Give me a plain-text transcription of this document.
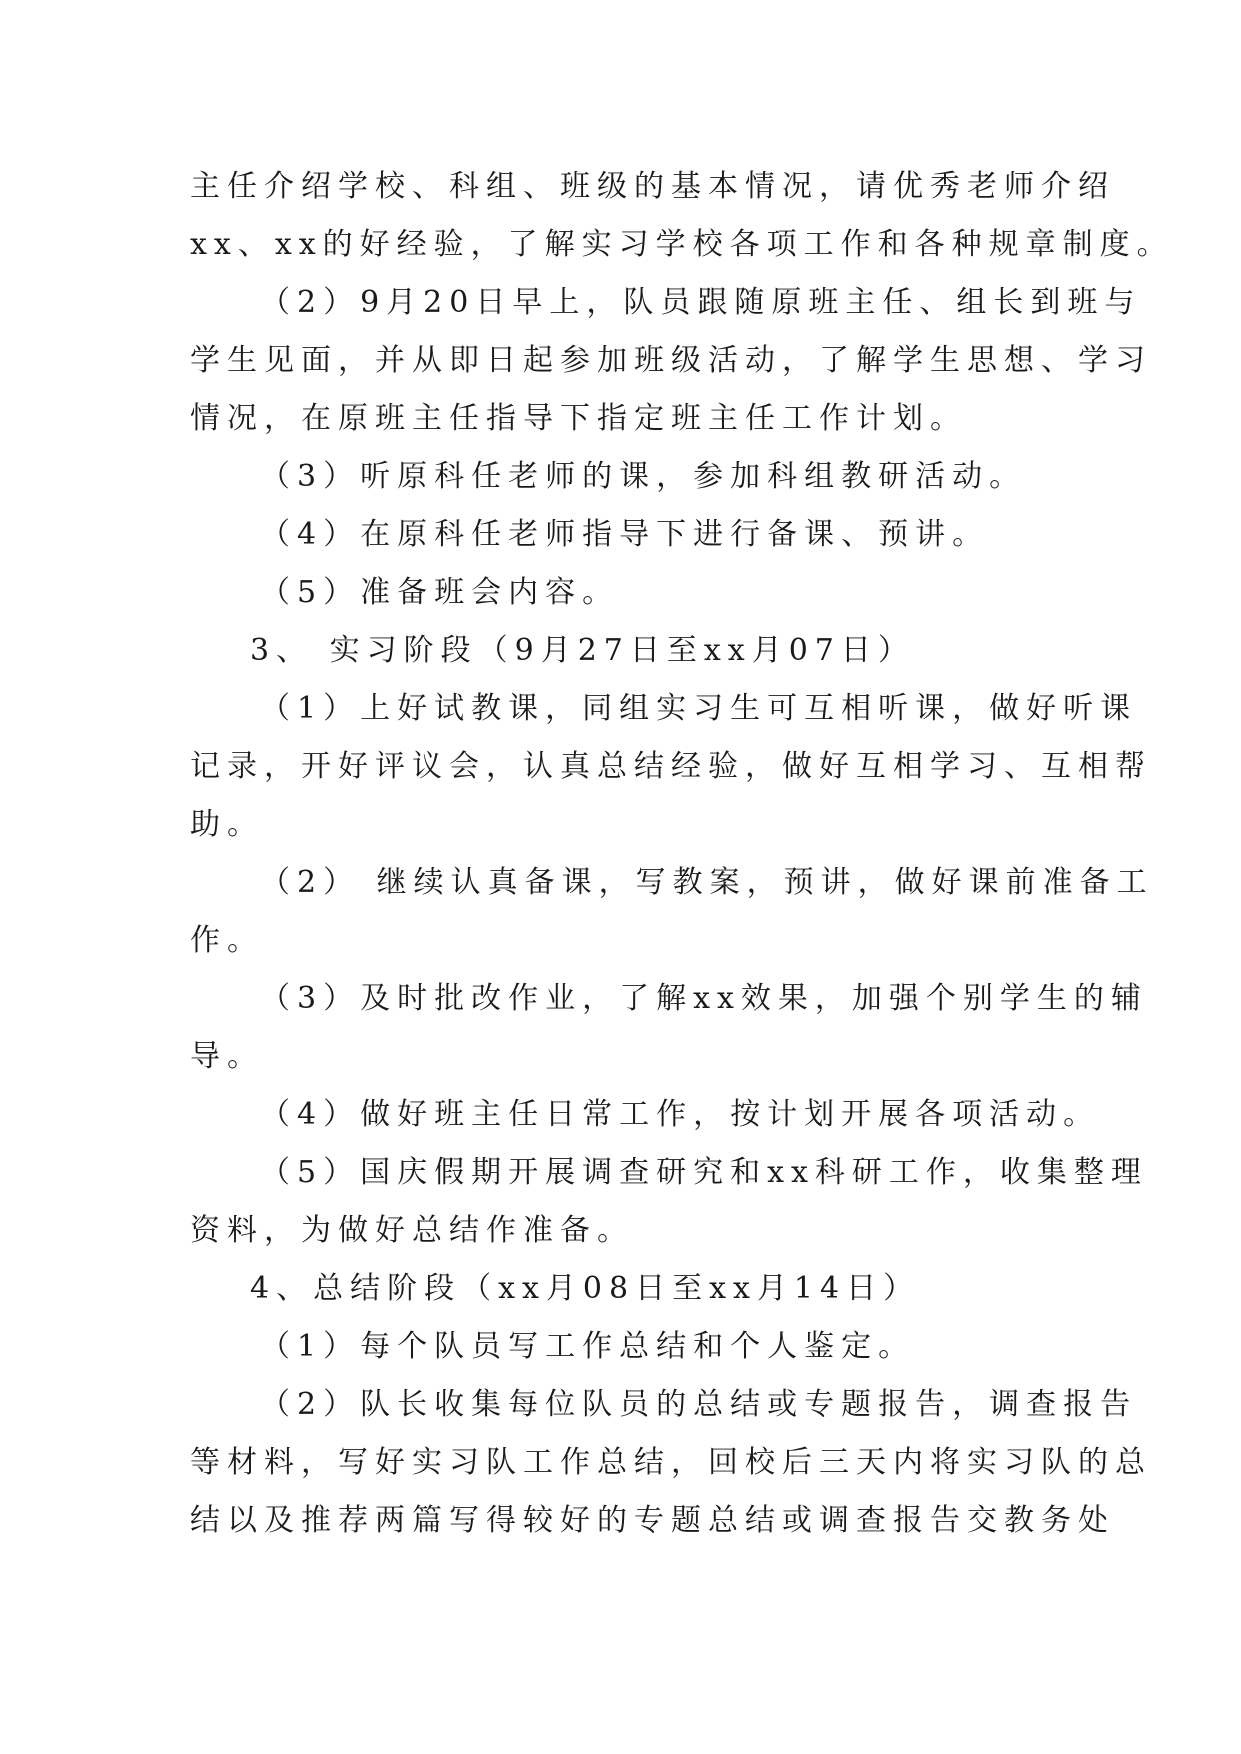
主任介绍学校、科组、班级的基本情况，请优秀老师介绍
xx、xx的好经验，了解实习学校各项工作和各种规章制度。
（2）9月20日早上，队员跟随原班主任、组长到班与
学生见面，并从即日起参加班级活动，了解学生思想、学习
情况，在原班主任指导下指定班主任工作计划。
（3）听原科任老师的课，参加科组教研活动。
（4）在原科任老师指导下进行备课、预讲。
（5）准备班会内容。
3、 实习阶段（9月27日至xx月07日）
（1）上好试教课，同组实习生可互相听课，做好听课
记录，开好评议会，认真总结经验，做好互相学习、互相帮
助。
（2） 继续认真备课，写教案，预讲，做好课前准备工
作。
（3）及时批改作业，了解xx效果，加强个别学生的辅
导。
（4）做好班主任日常工作，按计划开展各项活动。
（5）国庆假期开展调查研究和xx科研工作，收集整理
资料，为做好总结作准备。
4、总结阶段（xx月08日至xx月14日）
（1）每个队员写工作总结和个人鉴定。
（2）队长收集每位队员的总结或专题报告，调查报告
等材料，写好实习队工作总结，回校后三天内将实习队的总
结以及推荐两篇写得较好的专题总结或调查报告交教务处
